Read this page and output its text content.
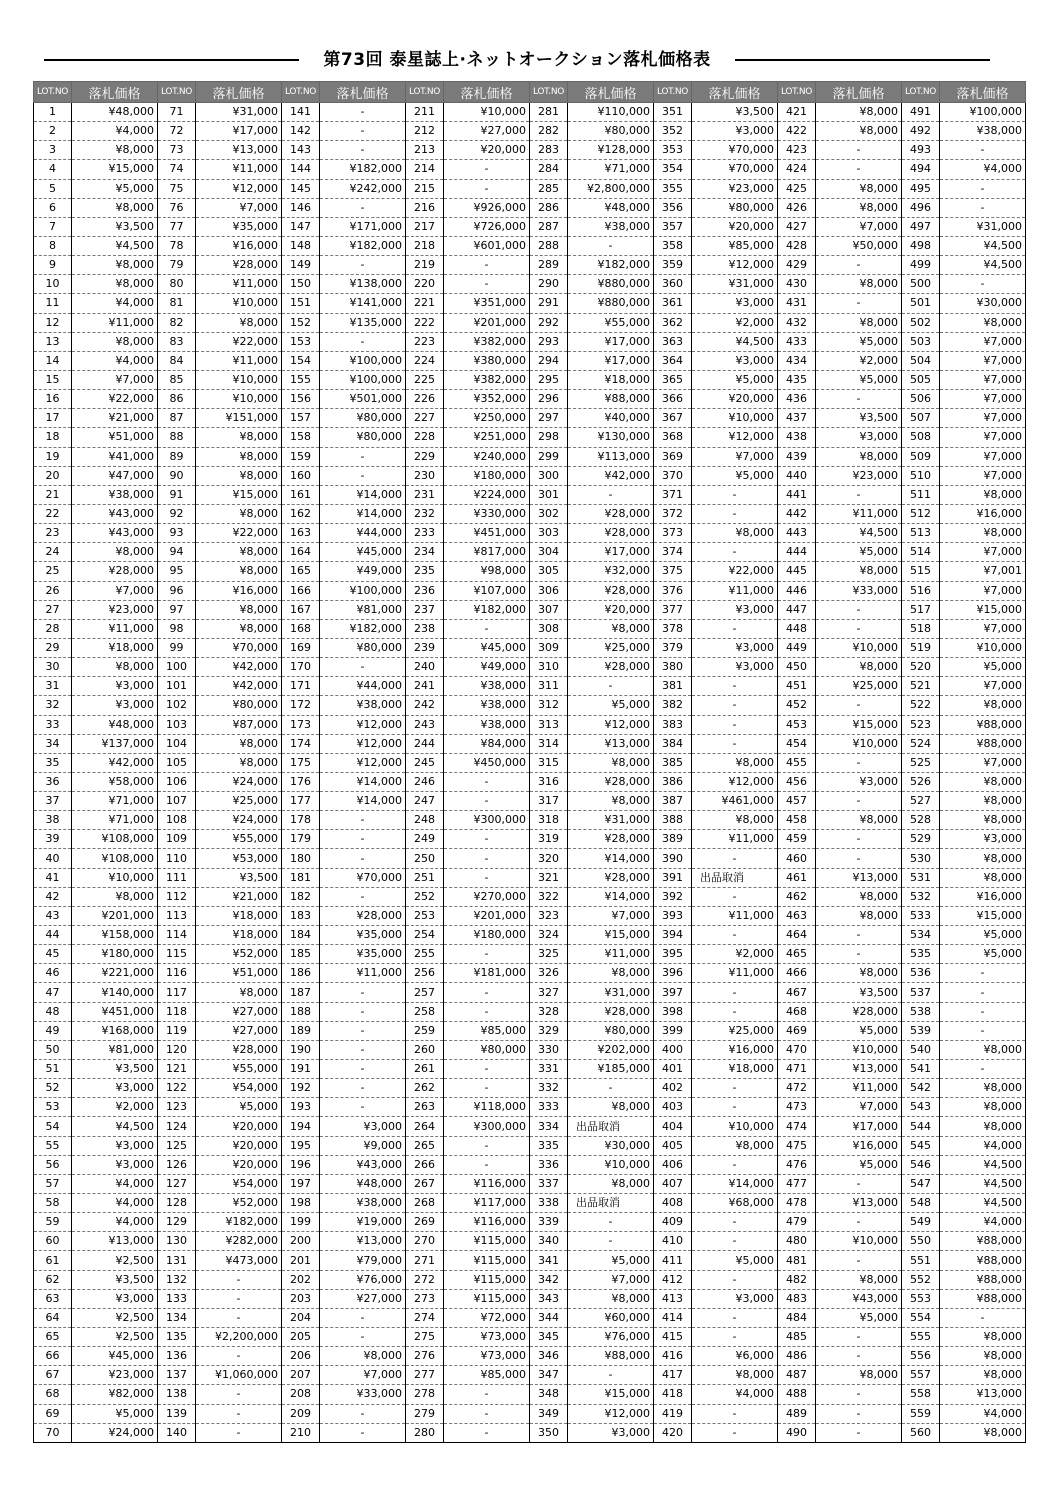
第73回 泰星誌上·ネットオークション落札価格表
LOT.NO	落札価格	LOT.NO	落札価格	LOT.NO	落札価格	LOT.NO	落札価格	LOT.NO	落札価格	LOT.NO	落札価格	LOT.NO	落札価格	LOT.NO	落札価格
1	¥48,000	71	¥31,000	141	-	211	¥10,000	281	¥110,000	351	¥3,500	421	¥8,000	491	¥100,000
2	¥4,000	72	¥17,000	142	-	212	¥27,000	282	¥80,000	352	¥3,000	422	¥8,000	492	¥38,000
3	¥8,000	73	¥13,000	143	-	213	¥20,000	283	¥128,000	353	¥70,000	423	-	493	-
4	¥15,000	74	¥11,000	144	¥182,000	214	-	284	¥71,000	354	¥70,000	424	-	494	¥4,000
5	¥5,000	75	¥12,000	145	¥242,000	215	-	285	¥2,800,000	355	¥23,000	425	¥8,000	495	-
6	¥8,000	76	¥7,000	146	-	216	¥926,000	286	¥48,000	356	¥80,000	426	¥8,000	496	-
7	¥3,500	77	¥35,000	147	¥171,000	217	¥726,000	287	¥38,000	357	¥20,000	427	¥7,000	497	¥31,000
8	¥4,500	78	¥16,000	148	¥182,000	218	¥601,000	288	-	358	¥85,000	428	¥50,000	498	¥4,500
9	¥8,000	79	¥28,000	149	-	219	-	289	¥182,000	359	¥12,000	429	-	499	¥4,500
10	¥8,000	80	¥11,000	150	¥138,000	220	-	290	¥880,000	360	¥31,000	430	¥8,000	500	-
11	¥4,000	81	¥10,000	151	¥141,000	221	¥351,000	291	¥880,000	361	¥3,000	431	-	501	¥30,000
12	¥11,000	82	¥8,000	152	¥135,000	222	¥201,000	292	¥55,000	362	¥2,000	432	¥8,000	502	¥8,000
13	¥8,000	83	¥22,000	153	-	223	¥382,000	293	¥17,000	363	¥4,500	433	¥5,000	503	¥7,000
14	¥4,000	84	¥11,000	154	¥100,000	224	¥380,000	294	¥17,000	364	¥3,000	434	¥2,000	504	¥7,000
15	¥7,000	85	¥10,000	155	¥100,000	225	¥382,000	295	¥18,000	365	¥5,000	435	¥5,000	505	¥7,000
16	¥22,000	86	¥10,000	156	¥501,000	226	¥352,000	296	¥88,000	366	¥20,000	436	-	506	¥7,000
17	¥21,000	87	¥151,000	157	¥80,000	227	¥250,000	297	¥40,000	367	¥10,000	437	¥3,500	507	¥7,000
18	¥51,000	88	¥8,000	158	¥80,000	228	¥251,000	298	¥130,000	368	¥12,000	438	¥3,000	508	¥7,000
19	¥41,000	89	¥8,000	159	-	229	¥240,000	299	¥113,000	369	¥7,000	439	¥8,000	509	¥7,000
20	¥47,000	90	¥8,000	160	-	230	¥180,000	300	¥42,000	370	¥5,000	440	¥23,000	510	¥7,000
21	¥38,000	91	¥15,000	161	¥14,000	231	¥224,000	301	-	371	-	441	-	511	¥8,000
22	¥43,000	92	¥8,000	162	¥14,000	232	¥330,000	302	¥28,000	372	-	442	¥11,000	512	¥16,000
23	¥43,000	93	¥22,000	163	¥44,000	233	¥451,000	303	¥28,000	373	¥8,000	443	¥4,500	513	¥8,000
24	¥8,000	94	¥8,000	164	¥45,000	234	¥817,000	304	¥17,000	374	-	444	¥5,000	514	¥7,000
25	¥28,000	95	¥8,000	165	¥49,000	235	¥98,000	305	¥32,000	375	¥22,000	445	¥8,000	515	¥7,001
26	¥7,000	96	¥16,000	166	¥100,000	236	¥107,000	306	¥28,000	376	¥11,000	446	¥33,000	516	¥7,000
27	¥23,000	97	¥8,000	167	¥81,000	237	¥182,000	307	¥20,000	377	¥3,000	447	-	517	¥15,000
28	¥11,000	98	¥8,000	168	¥182,000	238	-	308	¥8,000	378	-	448	-	518	¥7,000
29	¥18,000	99	¥70,000	169	¥80,000	239	¥45,000	309	¥25,000	379	¥3,000	449	¥10,000	519	¥10,000
30	¥8,000	100	¥42,000	170	-	240	¥49,000	310	¥28,000	380	¥3,000	450	¥8,000	520	¥5,000
31	¥3,000	101	¥42,000	171	¥44,000	241	¥38,000	311	-	381	-	451	¥25,000	521	¥7,000
32	¥3,000	102	¥80,000	172	¥38,000	242	¥38,000	312	¥5,000	382	-	452	-	522	¥8,000
33	¥48,000	103	¥87,000	173	¥12,000	243	¥38,000	313	¥12,000	383	-	453	¥15,000	523	¥88,000
34	¥137,000	104	¥8,000	174	¥12,000	244	¥84,000	314	¥13,000	384	-	454	¥10,000	524	¥88,000
35	¥42,000	105	¥8,000	175	¥12,000	245	¥450,000	315	¥8,000	385	¥8,000	455	-	525	¥7,000
36	¥58,000	106	¥24,000	176	¥14,000	246	-	316	¥28,000	386	¥12,000	456	¥3,000	526	¥8,000
37	¥71,000	107	¥25,000	177	¥14,000	247	-	317	¥8,000	387	¥461,000	457	-	527	¥8,000
38	¥71,000	108	¥24,000	178	-	248	¥300,000	318	¥31,000	388	¥8,000	458	¥8,000	528	¥8,000
39	¥108,000	109	¥55,000	179	-	249	-	319	¥28,000	389	¥11,000	459	-	529	¥3,000
40	¥108,000	110	¥53,000	180	-	250	-	320	¥14,000	390	-	460	-	530	¥8,000
41	¥10,000	111	¥3,500	181	¥70,000	251	-	321	¥28,000	391	出品取消	461	¥13,000	531	¥8,000
42	¥8,000	112	¥21,000	182	-	252	¥270,000	322	¥14,000	392	-	462	¥8,000	532	¥16,000
43	¥201,000	113	¥18,000	183	¥28,000	253	¥201,000	323	¥7,000	393	¥11,000	463	¥8,000	533	¥15,000
44	¥158,000	114	¥18,000	184	¥35,000	254	¥180,000	324	¥15,000	394	-	464	-	534	¥5,000
45	¥180,000	115	¥52,000	185	¥35,000	255	-	325	¥11,000	395	¥2,000	465	-	535	¥5,000
46	¥221,000	116	¥51,000	186	¥11,000	256	¥181,000	326	¥8,000	396	¥11,000	466	¥8,000	536	-
47	¥140,000	117	¥8,000	187	-	257	-	327	¥31,000	397	-	467	¥3,500	537	-
48	¥451,000	118	¥27,000	188	-	258	-	328	¥28,000	398	-	468	¥28,000	538	-
49	¥168,000	119	¥27,000	189	-	259	¥85,000	329	¥80,000	399	¥25,000	469	¥5,000	539	-
50	¥81,000	120	¥28,000	190	-	260	¥80,000	330	¥202,000	400	¥16,000	470	¥10,000	540	¥8,000
51	¥3,500	121	¥55,000	191	-	261	-	331	¥185,000	401	¥18,000	471	¥13,000	541	-
52	¥3,000	122	¥54,000	192	-	262	-	332	-	402	-	472	¥11,000	542	¥8,000
53	¥2,000	123	¥5,000	193	-	263	¥118,000	333	¥8,000	403	-	473	¥7,000	543	¥8,000
54	¥4,500	124	¥20,000	194	¥3,000	264	¥300,000	334	出品取消	404	¥10,000	474	¥17,000	544	¥8,000
55	¥3,000	125	¥20,000	195	¥9,000	265	-	335	¥30,000	405	¥8,000	475	¥16,000	545	¥4,000
56	¥3,000	126	¥20,000	196	¥43,000	266	-	336	¥10,000	406	-	476	¥5,000	546	¥4,500
57	¥4,000	127	¥54,000	197	¥48,000	267	¥116,000	337	¥8,000	407	¥14,000	477	-	547	¥4,500
58	¥4,000	128	¥52,000	198	¥38,000	268	¥117,000	338	出品取消	408	¥68,000	478	¥13,000	548	¥4,500
59	¥4,000	129	¥182,000	199	¥19,000	269	¥116,000	339	-	409	-	479	-	549	¥4,000
60	¥13,000	130	¥282,000	200	¥13,000	270	¥115,000	340	-	410	-	480	¥10,000	550	¥88,000
61	¥2,500	131	¥473,000	201	¥79,000	271	¥115,000	341	¥5,000	411	¥5,000	481	-	551	¥88,000
62	¥3,500	132	-	202	¥76,000	272	¥115,000	342	¥7,000	412	-	482	¥8,000	552	¥88,000
63	¥3,000	133	-	203	¥27,000	273	¥115,000	343	¥8,000	413	¥3,000	483	¥43,000	553	¥88,000
64	¥2,500	134	-	204	-	274	¥72,000	344	¥60,000	414	-	484	¥5,000	554	-
65	¥2,500	135	¥2,200,000	205	-	275	¥73,000	345	¥76,000	415	-	485	-	555	¥8,000
66	¥45,000	136	-	206	¥8,000	276	¥73,000	346	¥88,000	416	¥6,000	486	-	556	¥8,000
67	¥23,000	137	¥1,060,000	207	¥7,000	277	¥85,000	347	-	417	¥8,000	487	¥8,000	557	¥8,000
68	¥82,000	138	-	208	¥33,000	278	-	348	¥15,000	418	¥4,000	488	-	558	¥13,000
69	¥5,000	139	-	209	-	279	-	349	¥12,000	419	-	489	-	559	¥4,000
70	¥24,000	140	-	210	-	280	-	350	¥3,000	420	-	490	-	560	¥8,000
